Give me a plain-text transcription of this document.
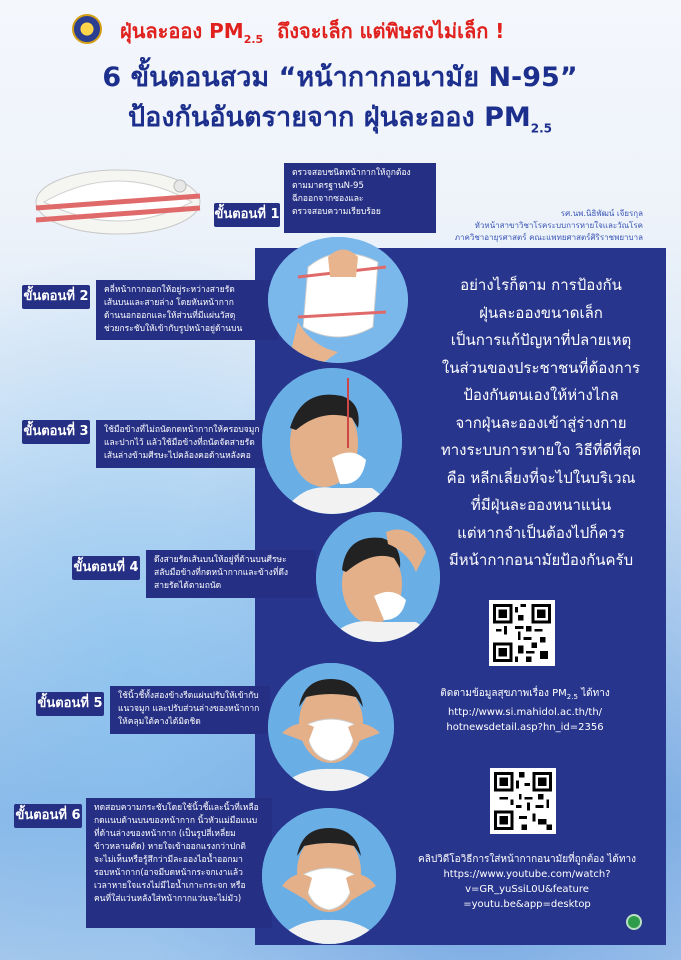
ฝุ่นละออง $PM_{2.5}$ ถึงจะเล็ก แต่พิษสงไม่เล็ก !
6 ขั้นตอนสวม “หน้ากากอนามัย N-95”
ป้องกันอันตรายจาก ฝุ่นละออง $PM_{2.5}$
รศ.นพ.นิธิพัฒน์ เจียรกุล
หัวหน้าสาขาวิชาโรคระบบการหายใจและวัณโรค
ภาควิชาอายุรศาสตร์ คณะแพทยศาสตร์ศิริราชพยาบาล
ตรวจสอบชนิดหน้ากากให้ถูกต้อง
ตามมาตรฐานN-95
ฉีกออกจากซองและ
ตรวจสอบความเรียบร้อย
ขั้นตอนที่ 1
ขั้นตอนที่ 2 คลี่หน้ากากออกให้อยู่ระหว่างสายรัด
เส้นบนและสายล่าง โดยหันหน้ากาก
ด้านนอกออกและให้ส่วนที่มีแผ่นวัสดุ
ช่วยกระชับให้เข้ากับรูปหน้าอยู่ด้านบน
ขั้นตอนที่ 3 ใช้มือข้างที่ไม่ถนัดกดหน้ากากให้ครอบจมูก
และปากไว้ แล้วใช้มือข้างที่ถนัดจัดสายรัด
เส้นล่างข้ามศีรษะไปคล้องคอด้านหลังคอ
ขั้นตอนที่ 4 ดึงสายรัดเส้นบนให้อยู่ที่ด้านบนศีรษะ
สลับมือข้างที่กดหน้ากากและข้างที่ดึง
สายรัดได้ตามถนัด
ขั้นตอนที่ 5 ใช้นิ้วชี้ทั้งสองข้างรีดแผ่นปรับให้เข้ากับ
แนวจมูก และปรับส่วนล่างของหน้ากาก
ให้คลุมใต้คางได้มิดชิด
ขั้นตอนที่ 6 ทดสอบความกระชับโดยใช้นิ้วชี้และนิ้วที่เหลือ
กดแนบด้านบนของหน้ากาก นิ้วหัวแม่มือแนบ
ที่ด้านล่างของหน้ากาก (เป็นรูปสี่เหลี่ยม
ข้าวหลามตัด) หายใจเข้าออกแรงกว่าปกติ
จะไม่เห็นหรือรู้สึกว่ามีละอองไอน้ำออกมา
รอบหน้ากาก(อาจมีบดหน้ากระจกเงาแล้ว
เวลาหายใจแรงไม่มีไอน้ำเกาะกระจก หรือ
คนที่ใส่แว่นหลังใส่หน้ากากแว่นจะไม่มัว)
อย่างไรก็ตาม การป้องกัน
ฝุ่นละอองขนาดเล็ก
เป็นการแก้ปัญหาที่ปลายเหตุ
ในส่วนของประชาชนที่ต้องการ
ป้องกันตนเองให้ห่างไกล
จากฝุ่นละอองเข้าสู่ร่างกาย
ทางระบบการหายใจ วิธีที่ดีที่สุด
คือ หลีกเลี่ยงที่จะไปในบริเวณ
ที่มีฝุ่นละอองหนาแน่น
แต่หากจำเป็นต้องไปก็ควร
มีหน้ากากอนามัยป้องกันครับ
ติดตามข้อมูลสุขภาพเรื่อง $PM_{2.5}$ ได้ทาง
http://www.si.mahidol.ac.th/th/
hotnewsdetail.asp?hn_id=2356
คลิปวิดีโอวิธีการใส่หน้ากากอนามัยที่ถูกต้อง ได้ทาง
https://www.youtube.com/watch?v=GR_yuSsiL0U&feature
=youtu.be&app=desktop
